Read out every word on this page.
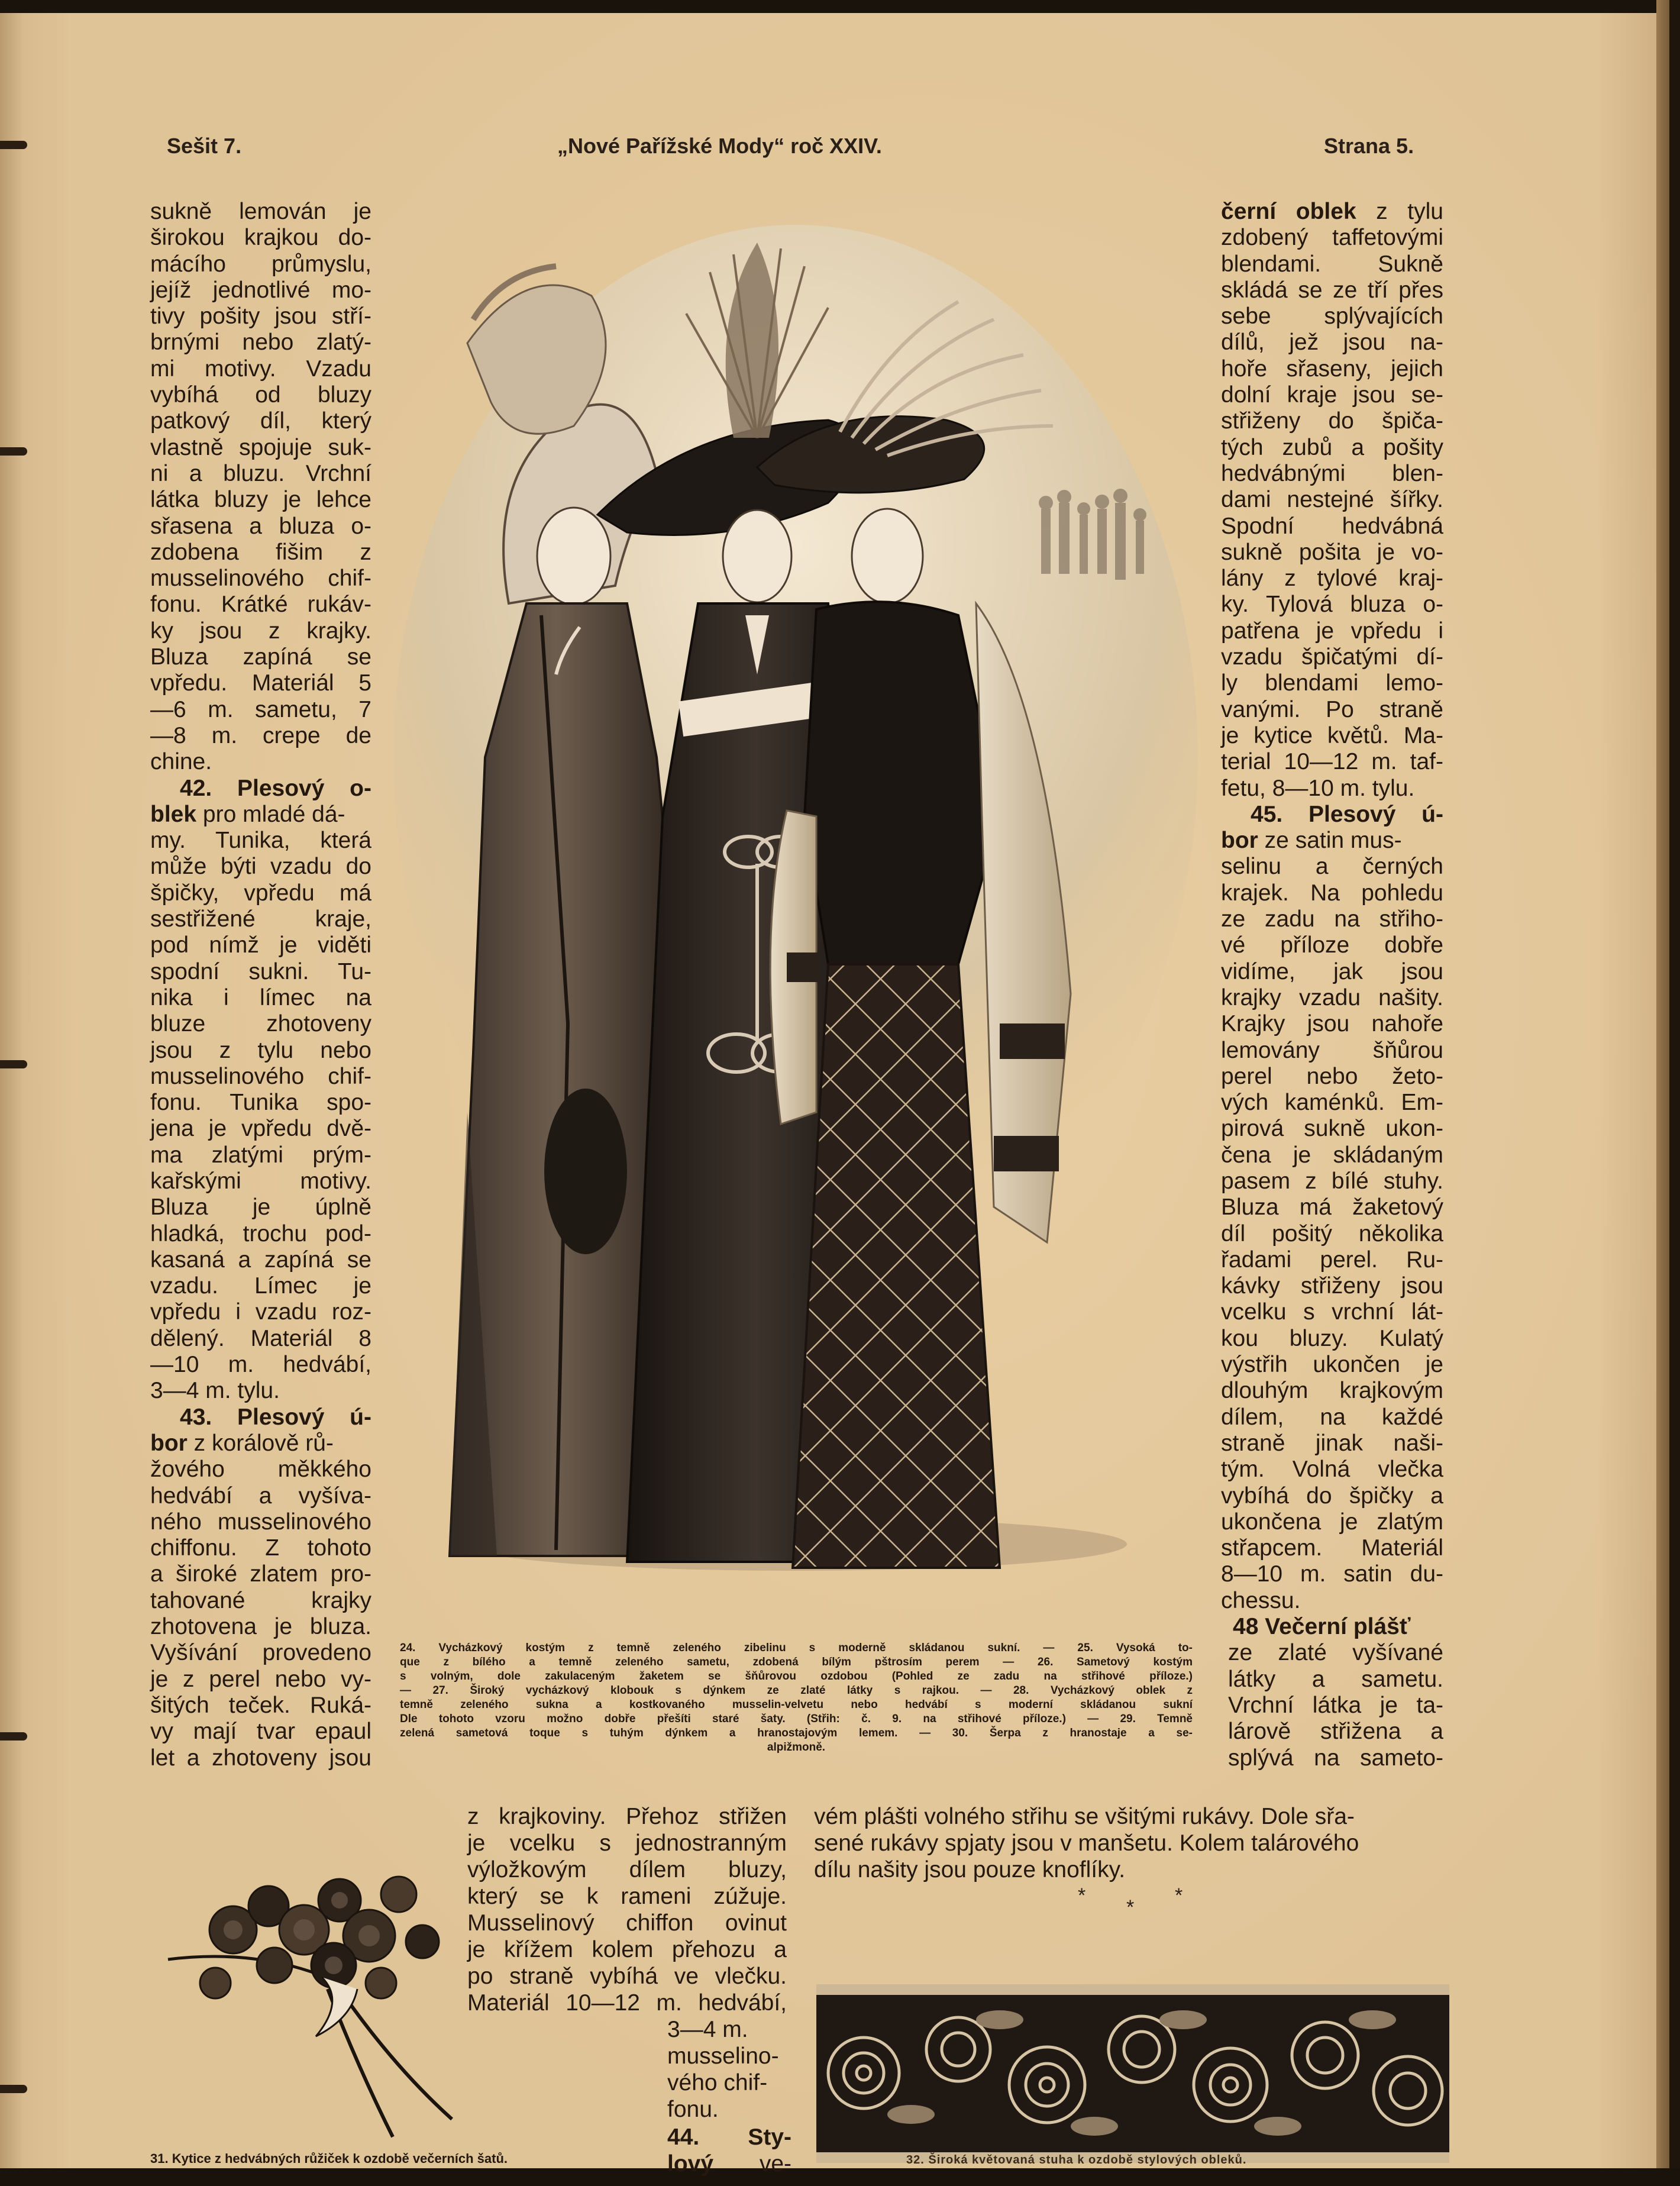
Sešit 7.	„Nové Pařížské Mody“ roč XXIV.	Strana 5.

sukně lemován je

širokou krajkou do-

mácího průmyslu,

jejíž jednotlivé mo-

tivy pošity jsou stří-

brnými nebo zlatý-

mi motivy. Vzadu

vybíhá od bluzy

patkový díl, který

vlastně spojuje suk-

ni a bluzu. Vrchní

látka bluzy je lehce

sřasena a bluza o-

zdobena fišim z

musselinového chif-

fonu. Krátké rukáv-

ky jsou z krajky.

Bluza zapíná se

vpředu. Materiál 5

—6 m. sametu, 7

—8 m. crepe de

chine.

42. Plesový o-

blek pro mladé dá-

my. Tunika, která

může býti vzadu do

špičky, vpředu má

sestřižené kraje,

pod nímž je viděti

spodní sukni. Tu-

nika i límec na

bluze zhotoveny

jsou z tylu nebo

musselinového chif-

fonu. Tunika spo-

jena je vpředu dvě-

ma zlatými prým-

kařskými motivy.

Bluza je úplně

hladká, trochu pod-

kasaná a zapíná se

vzadu. Límec je

vpředu i vzadu roz-

dělený. Materiál 8

—10 m. hedvábí,

3—4 m. tylu.

43. Plesový ú-

bor z korálově rů-

žového měkkého

hedvábí a vyšíva-

ného musselinového

chiffonu. Z tohoto

a široké zlatem pro-

tahované krajky

zhotovena je bluza.

Vyšívání provedeno

je z perel nebo vy-

šitých teček. Ruká-

vy mají tvar epaul

let a zhotoveny jsou

černí oblek z tylu

zdobený taffetovými

blendami. Sukně

skládá se ze tří přes

sebe splývajících

dílů, jež jsou na-

hoře sřaseny, jejich

dolní kraje jsou se-

střiženy do špiča-

tých zubů a pošity

hedvábnými blen-

dami nestejné šířky.

Spodní hedvábná

sukně pošita je vo-

lány z tylové kraj-

ky. Tylová bluza o-

patřena je vpředu i

vzadu špičatými dí-

ly blendami lemo-

vanými. Po straně

je kytice květů. Ma-

terial 10—12 m. taf-

fetu, 8—10 m. tylu.

45. Plesový ú-

bor ze satin mus-

selinu a černých

krajek. Na pohledu

ze zadu na střiho-

vé příloze dobře

vidíme, jak jsou

krajky vzadu našity.

Krajky jsou nahoře

lemovány šňůrou

perel nebo žeto-

vých kaménků. Em-

pirová sukně ukon-

čena je skládaným

pasem z bílé stuhy.

Bluza má žaketový

díl pošitý několika

řadami perel. Ru-

kávky střiženy jsou

vcelku s vrchní lát-

kou bluzy. Kulatý

výstřih ukončen je

dlouhým krajkovým

dílem, na každé

straně jinak naši-

tým. Volná vlečka

vybíhá do špičky a

ukončena je zlatým

střapcem. Materiál

8—10 m. satin du-

chessu.

48 Večerní plášť

ze zlaté vyšívané

látky a sametu.

Vrchní látka je ta-

lárově střižena a

splývá na sameto-

24. Vycházkový kostým z temně zeleného zibelinu s moderně skládanou sukní. — 25. Vysoká to-
que z bílého a temně zeleného sametu, zdobená bílým pštrosím perem — 26. Sametový kostým
s volným, dole zakulaceným žaketem se šňůrovou ozdobou (Pohled ze zadu na střihové příloze.)
— 27. Široký vycházkový klobouk s dýnkem ze zlaté látky s rajkou. — 28. Vycházkový oblek z
temně zeleného sukna a kostkovaného musselin-velvetu nebo hedvábí s moderní skládanou sukní
Dle tohoto vzoru možno dobře přešíti staré šaty. (Střih: č. 9. na střihové příloze.) — 29. Temně
zelená sametová toque s tuhým dýnkem a hranostajovým lemem. — 30. Šerpa z hranostaje a se-
alpižmoně.

z krajkoviny. Přehoz střižen

je vcelku s jednostranným

výložkovým dílem bluzy,

který se k rameni zúžuje.

Musselinový chiffon ovinut

je křížem kolem přehozu a

po straně vybíhá ve vlečku.

Materiál 10—12 m. hedvábí,

3—4 m.

musselino-

vého chif-

fonu.

44. Sty-

lový ve-

vém plášti volného střihu se všitými rukávy. Dole sřa-

sené rukávy spjaty jsou v manšetu. Kolem talárového

dílu našity jsou pouze knoflíky.

*
*
*
31. Kytice z hedvábných růžiček k ozdobě večerních šatů.	32. Široká květovaná stuha k ozdobě stylových obleků.
